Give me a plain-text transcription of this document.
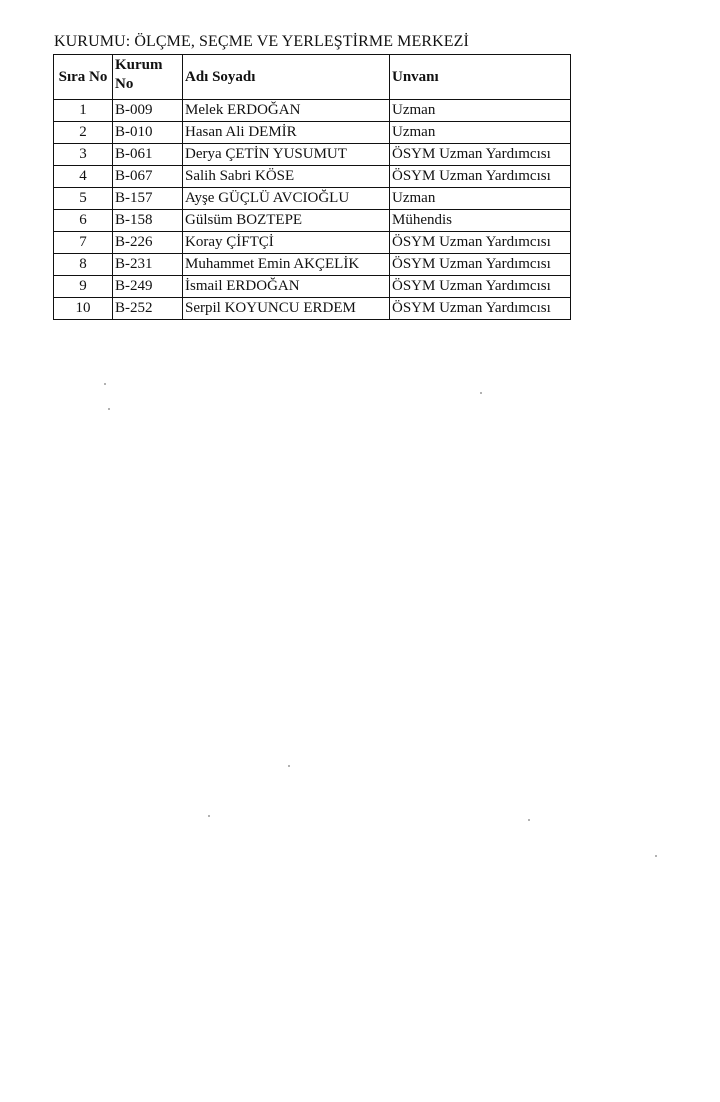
KURUMU: ÖLÇME, SEÇME VE YERLEŞTİRME MERKEZİ
Sıra No	Kurum No	Adı Soyadı	Unvanı
1	B-009	Melek ERDOĞAN	Uzman
2	B-010	Hasan Ali DEMİR	Uzman
3	B-061	Derya ÇETİN YUSUMUT	ÖSYM Uzman Yardımcısı
4	B-067	Salih Sabri KÖSE	ÖSYM Uzman Yardımcısı
5	B-157	Ayşe GÜÇLÜ AVCIOĞLU	Uzman
6	B-158	Gülsüm BOZTEPE	Mühendis
7	B-226	Koray ÇİFTÇİ	ÖSYM Uzman Yardımcısı
8	B-231	Muhammet Emin AKÇELİK	ÖSYM Uzman Yardımcısı
9	B-249	İsmail ERDOĞAN	ÖSYM Uzman Yardımcısı
10	B-252	Serpil KOYUNCU ERDEM	ÖSYM Uzman Yardımcısı
